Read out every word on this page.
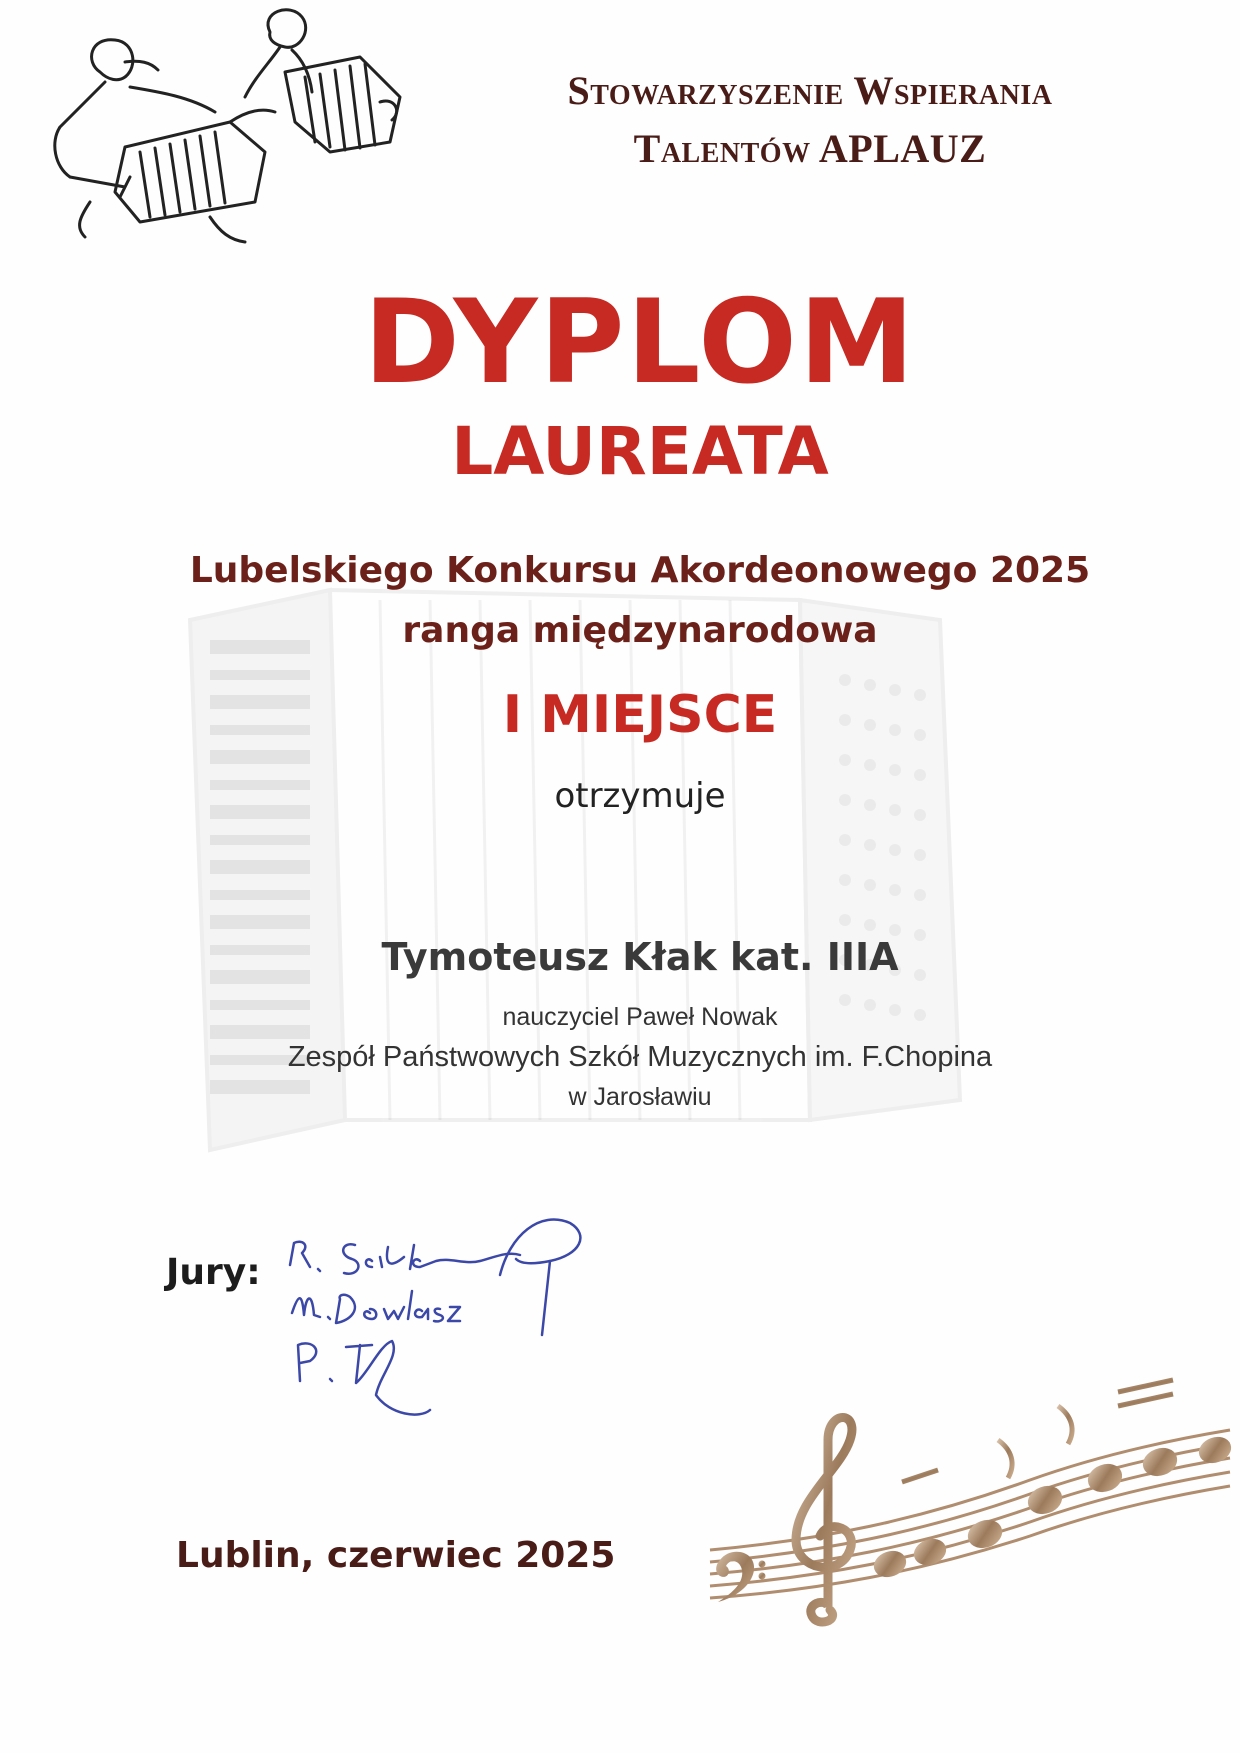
Stowarzyszenie Wspierania
Talentów APLAUZ
DYPLOM
LAUREATA
Lubelskiego Konkursu Akordeonowego 2025
ranga międzynarodowa
I MIEJSCE
otrzymuje
Tymoteusz Kłak kat. IIIA
nauczyciel Paweł Nowak
Zespół Państwowych Szkół Muzycznych im. F.Chopina
w Jarosławiu
Jury:
Lublin, czerwiec 2025
